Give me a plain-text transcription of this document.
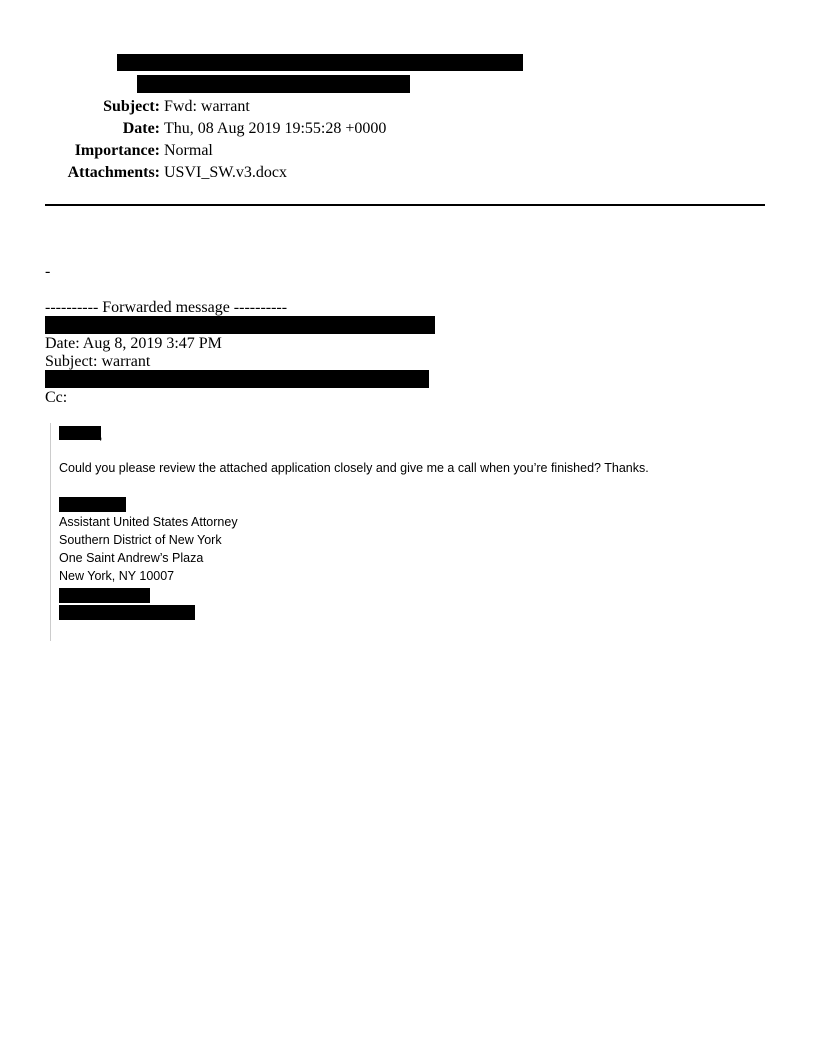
Subject: Fwd: warrant
Date: Thu, 08 Aug 2019 19:55:28 +0000
Importance: Normal
Attachments: USVI_SW.v3.docx
-
---------- Forwarded message ----------
Date: Aug 8, 2019 3:47 PM
Subject: warrant
Cc:
,
Could you please review the attached application closely and give me a call when you’re finished? Thanks.
Assistant United States Attorney
Southern District of New York
One Saint Andrew’s Plaza
New York, NY 10007
